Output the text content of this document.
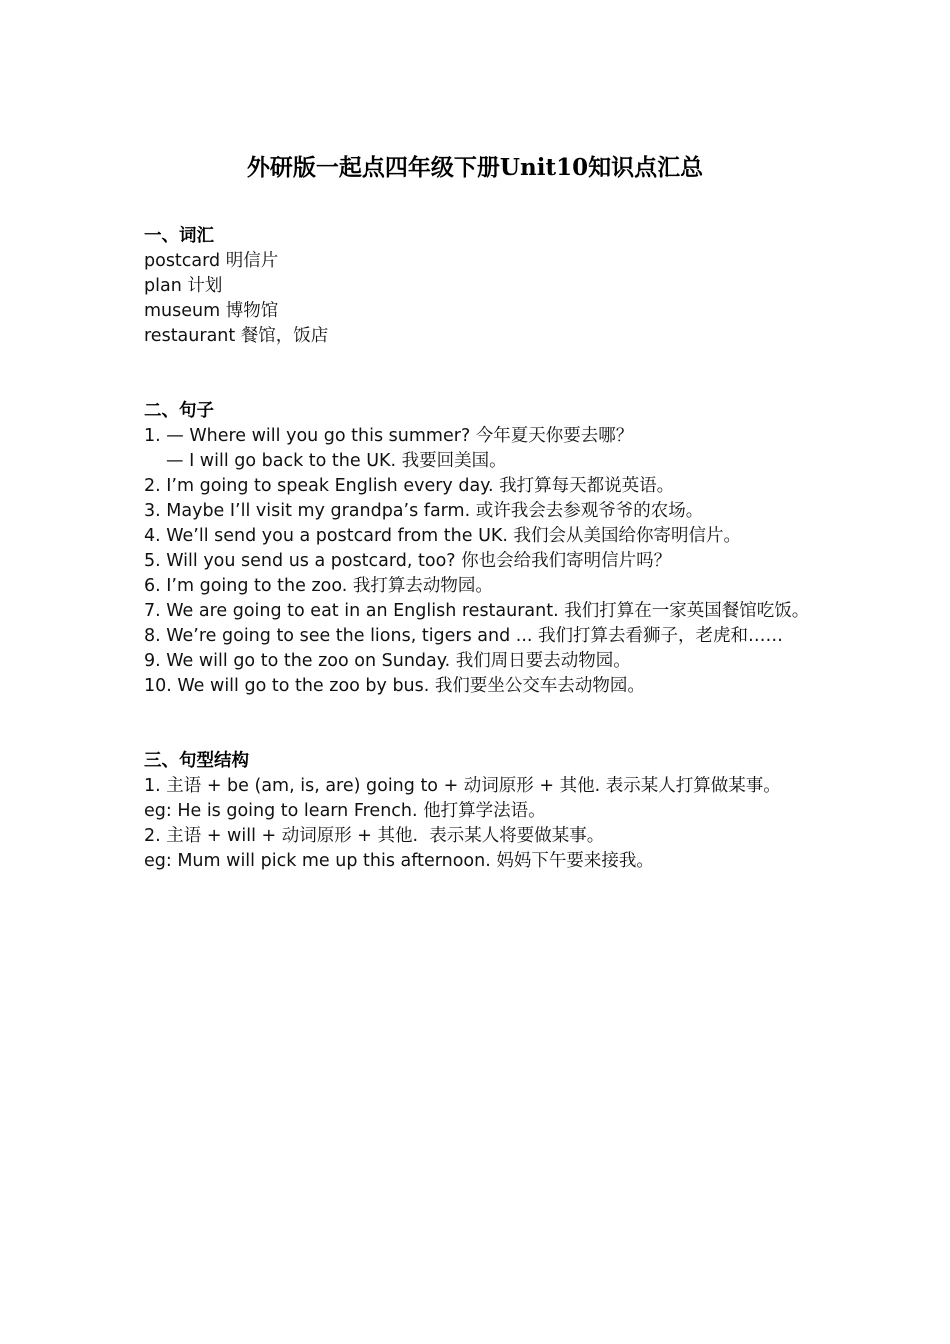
外研版一起点四年级下册Unit10知识点汇总
一、词汇
postcard 明信片
plan 计划
museum 博物馆
restaurant 餐馆，饭店
二、句子
1. — Where will you go this summer? 今年夏天你要去哪？
— I will go back to the UK. 我要回美国。
2. I’m going to speak English every day. 我打算每天都说英语。
3. Maybe I’ll visit my grandpa’s farm. 或许我会去参观爷爷的农场。
4. We’ll send you a postcard from the UK. 我们会从美国给你寄明信片。
5. Will you send us a postcard, too? 你也会给我们寄明信片吗？
6. I’m going to the zoo. 我打算去动物园。
7. We are going to eat in an English restaurant. 我们打算在一家英国餐馆吃饭。
8. We’re going to see the lions, tigers and ... 我们打算去看狮子，老虎和……
9. We will go to the zoo on Sunday. 我们周日要去动物园。
10. We will go to the zoo by bus. 我们要坐公交车去动物园。
三、句型结构
1. 主语 + be (am, is, are) going to + 动词原形 + 其他. 表示某人打算做某事。
eg: He is going to learn French. 他打算学法语。
2. 主语 + will + 动词原形 + 其他.  表示某人将要做某事。
eg: Mum will pick me up this afternoon. 妈妈下午要来接我。
